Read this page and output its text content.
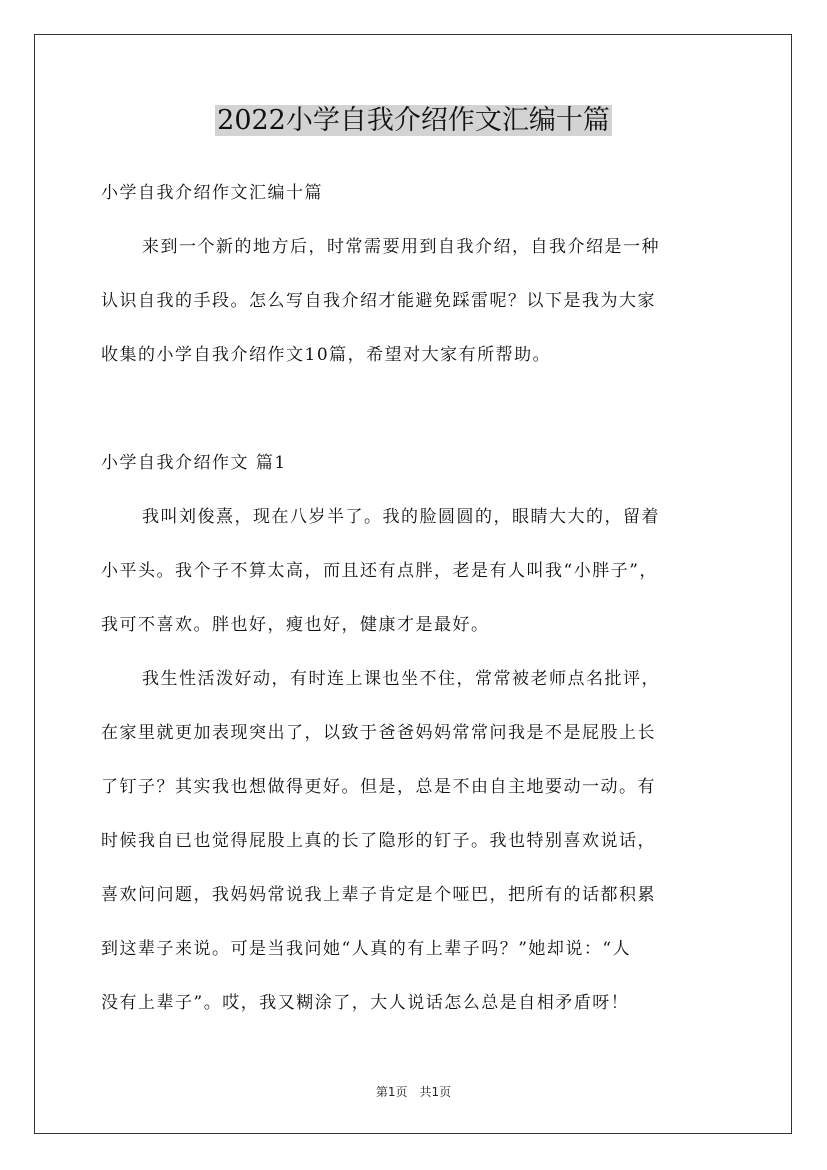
2022小学自我介绍作文汇编十篇
小学自我介绍作文汇编十篇
来到一个新的地方后，时常需要用到自我介绍，自我介绍是一种
认识自我的手段。怎么写自我介绍才能避免踩雷呢？以下是我为大家
收集的小学自我介绍作文10篇，希望对大家有所帮助。
小学自我介绍作文 篇1
我叫刘俊熹，现在八岁半了。我的脸圆圆的，眼睛大大的，留着
小平头。我个子不算太高，而且还有点胖，老是有人叫我“小胖子”，
我可不喜欢。胖也好，瘦也好，健康才是最好。
我生性活泼好动，有时连上课也坐不住，常常被老师点名批评，
在家里就更加表现突出了，以致于爸爸妈妈常常问我是不是屁股上长
了钉子？其实我也想做得更好。但是，总是不由自主地要动一动。有
时候我自已也觉得屁股上真的长了隐形的钉子。我也特别喜欢说话，
喜欢问问题，我妈妈常说我上辈子肯定是个哑巴，把所有的话都积累
到这辈子来说。可是当我问她“人真的有上辈子吗？”她却说：“人
没有上辈子”。哎，我又糊涂了，大人说话怎么总是自相矛盾呀！
第1页 共1页
